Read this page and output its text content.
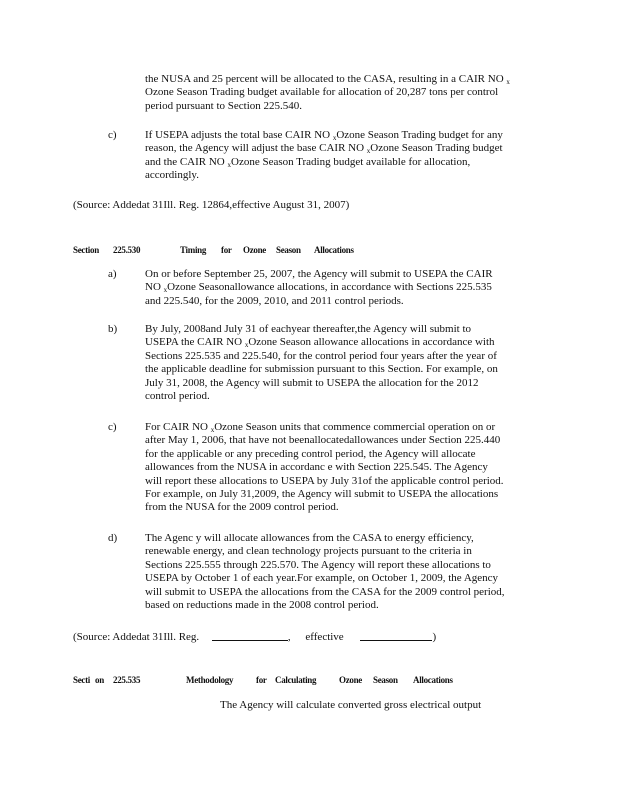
the NUSA and 25 percent will be allocated to the CASA, resulting in a CAIR NO $_x$
Ozone Season Trading budget available for allocation of 20,287 tons per control
period pursuant to Section 225.540.
c)	If USEPA adjusts the total base CAIR NO $_x$Ozone Season Trading budget for any
reason, the Agency will adjust the base CAIR NO $_x$Ozone Season Trading budget
and the CAIR NO $_x$Ozone Season Trading budget available for allocation,
accordingly.
(Source: Addedat 31Ill. Reg. 12864,effective August 31, 2007)
Section 225.530	Timing for Ozone Season Allocations
a)	On or before September 25, 2007, the Agency will submit to USEPA the CAIR
NO $_x$Ozone Seasonallowance allocations, in accordance with Sections 225.535
and 225.540, for the 2009, 2010, and 2011 control periods.
b)	By July, 2008and July 31 of eachyear thereafter,the Agency will submit to
USEPA the CAIR NO $_x$Ozone Season allowance allocations in accordance with
Sections 225.535 and 225.540, for the control period four years after the year of
the applicable deadline for submission pursuant to this Section. For example, on
July 31, 2008, the Agency will submit to USEPA the allocation for the 2012
control period.
c)	For CAIR NO $_x$Ozone Season units that commence commercial operation on or
after May 1, 2006, that have not beenallocatedallowances under Section 225.440
for the applicable or any preceding control period, the Agency will allocate
allowances from the NUSA in accordanc e with Section 225.545. The Agency
will report these allocations to USEPA by July 31of the applicable control period.
For example, on July 31,2009, the Agency will submit to USEPA the allocations
from the NUSA for the 2009 control period.
d)	The Agenc y will allocate allowances from the CASA to energy efficiency,
renewable energy, and clean technology projects pursuant to the criteria in
Sections 225.555 through 225.570. The Agency will report these allocations to
USEPA by October 1 of each year.For example, on October 1, 2009, the Agency
will submit to USEPA the allocations from the CASA for the 2009 control period,
based on reductions made in the 2008 control period.
(Source: Addedat 31Ill. Reg.	, effective	)
Secti on 225.535	Methodology	for Calculating	Ozone Season Allocations
The Agency will calculate converted gross electrical output
